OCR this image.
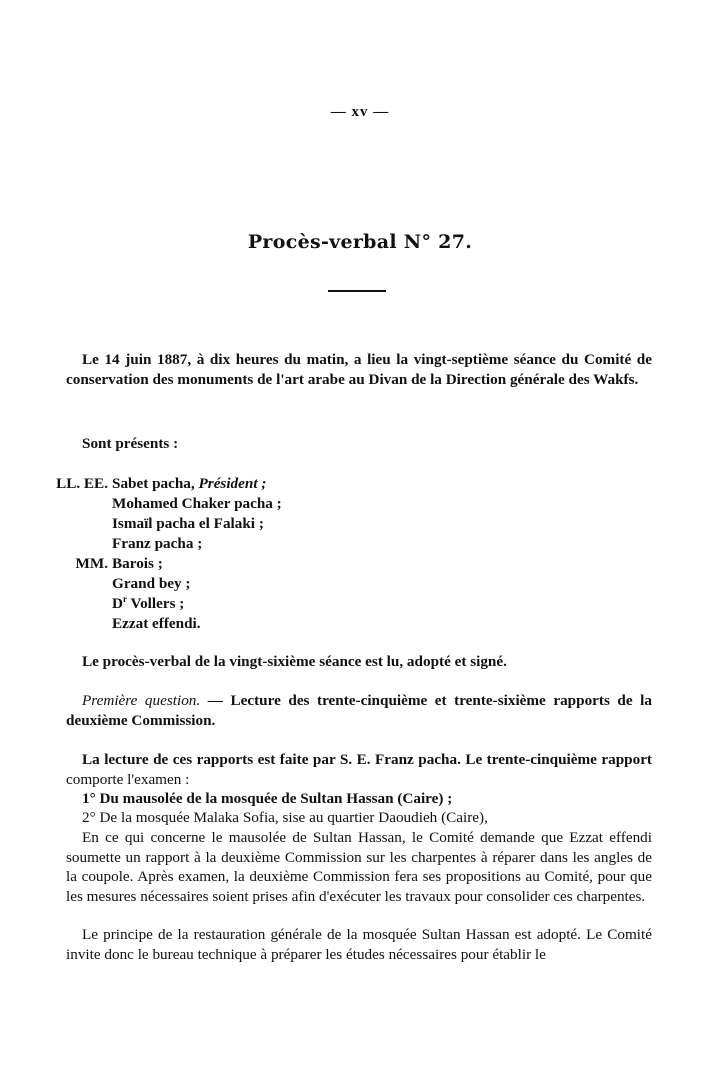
— xv —
Procès-verbal N° 27.

Le 14 juin 1887, à dix heures du matin, a lieu la vingt-septième séance du Comité de conservation des monuments de l'art arabe au Divan de la Direction générale des Wakfs.

Sont présents :

LL. EE. Sabet pacha, Président ;
Mohamed Chaker pacha ;
Ismaïl pacha el Falaki ;
Franz pacha ;
MM. Barois ;
Grand bey ;
$D^r$ Vollers ;
Ezzat effendi.

Le procès-verbal de la vingt-sixième séance est lu, adopté et signé.

Première question. — Lecture des trente-cinquième et trente-sixième rapports de la deuxième Commission.

La lecture de ces rapports est faite par S. E. Franz pacha. Le trente-cinquième rapport comporte l'examen :

1° Du mausolée de la mosquée de Sultan Hassan (Caire) ;

2° De la mosquée Malaka Sofia, sise au quartier Daoudieh (Caire),

En ce qui concerne le mausolée de Sultan Hassan, le Comité demande que Ezzat effendi soumette un rapport à la deuxième Commission sur les charpentes à réparer dans les angles de la coupole. Après examen, la deuxième Commission fera ses propositions au Comité, pour que les mesures nécessaires soient prises afin d'exécuter les travaux pour consolider ces charpentes.

Le principe de la restauration générale de la mosquée Sultan Hassan est adopté. Le Comité invite donc le bureau technique à préparer les études nécessaires pour établir le
